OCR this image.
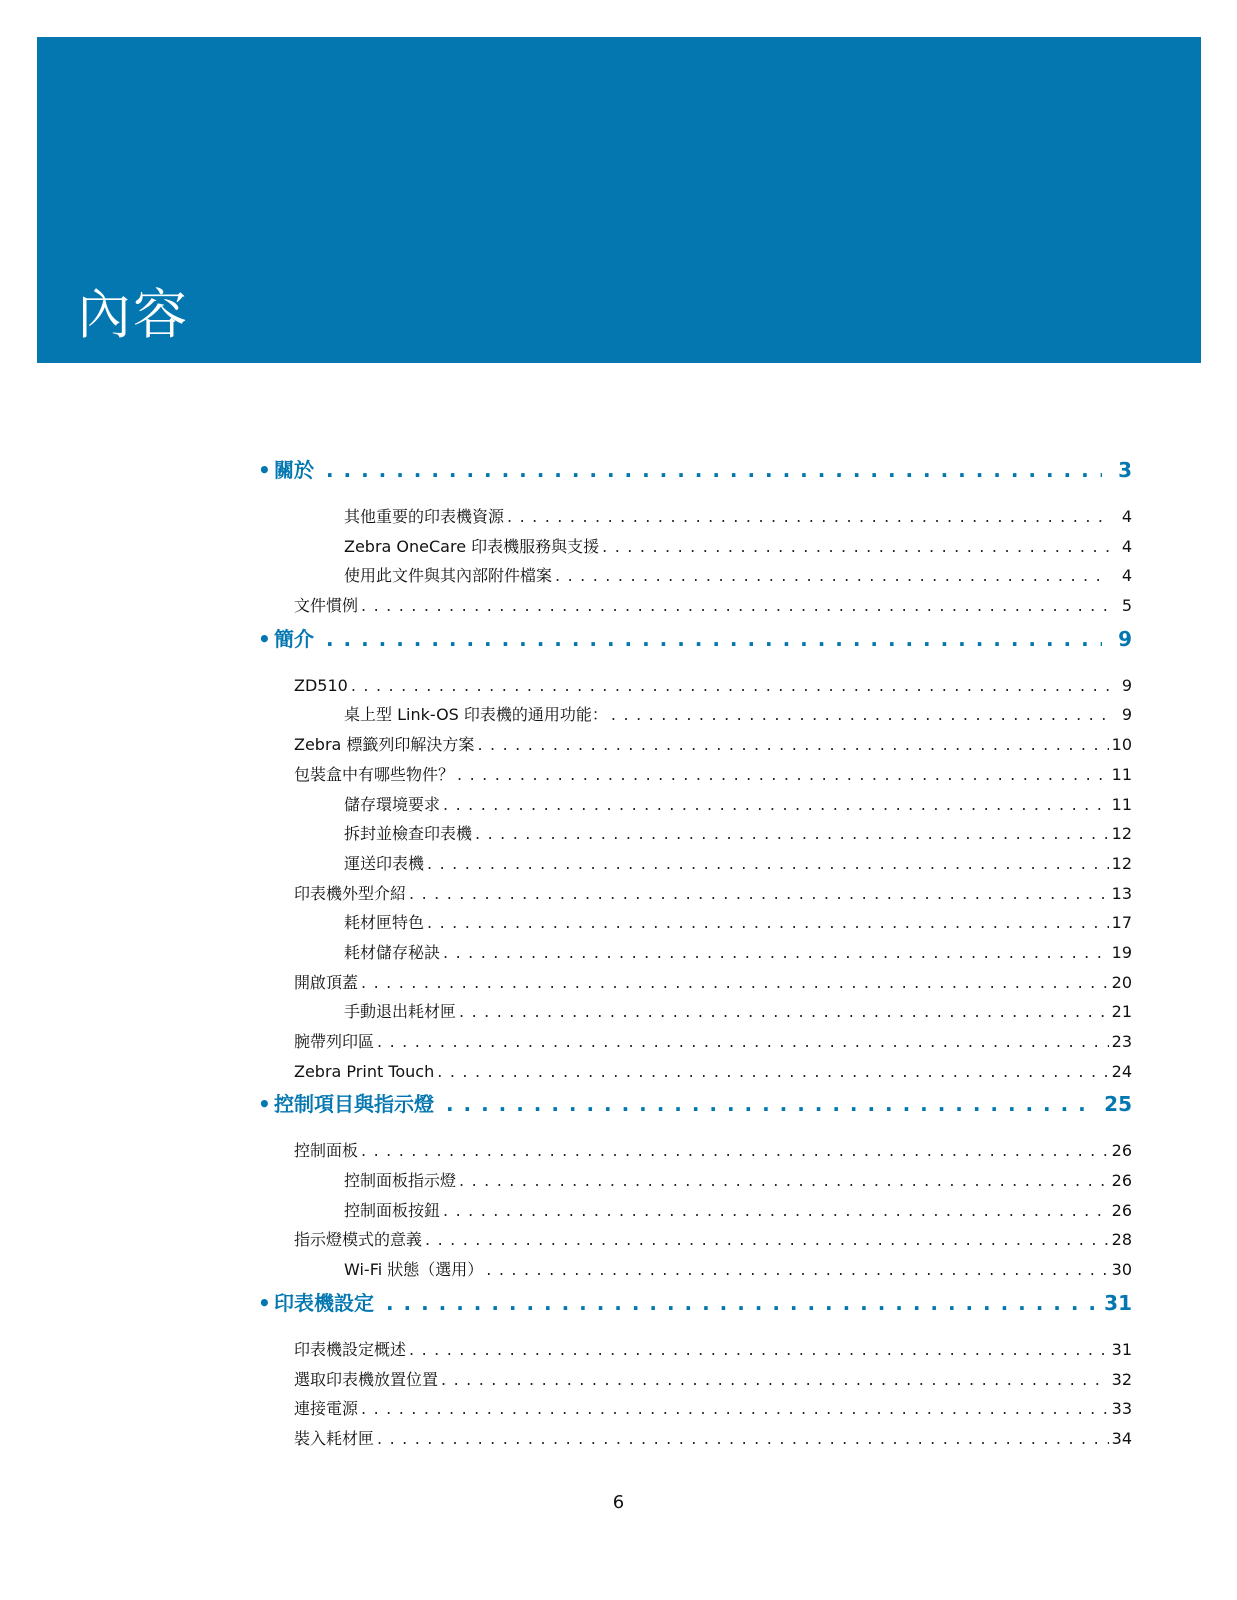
內容
• 關於 . . .	3
其他重要的印表機資源 . . .	4
Zebra OneCare 印表機服務與支援 . . .	4
使用此文件與其內部附件檔案 . . .	4
文件慣例 . . .	5
• 簡介 . . .	9
ZD510 . . .	9
桌上型 Link-OS 印表機的通用功能： . . .	9
Zebra 標籤列印解決方案 . . .	10
包裝盒中有哪些物件？ . . .	11
儲存環境要求 . . .	11
拆封並檢查印表機 . . .	12
運送印表機 . . .	12
印表機外型介紹 . . .	13
耗材匣特色 . . .	17
耗材儲存秘訣 . . .	19
開啟頂蓋 . . .	20
手動退出耗材匣 . . .	21
腕帶列印區 . . .	23
Zebra Print Touch . . .	24
• 控制項目與指示燈 . . .	25
控制面板 . . .	26
控制面板指示燈 . . .	26
控制面板按鈕 . . .	26
指示燈模式的意義 . . .	28
Wi-Fi 狀態（選用） . . .	30
• 印表機設定 . . .	31
印表機設定概述 . . .	31
選取印表機放置位置 . . .	32
連接電源 . . .	33
裝入耗材匣 . . .	34
6
